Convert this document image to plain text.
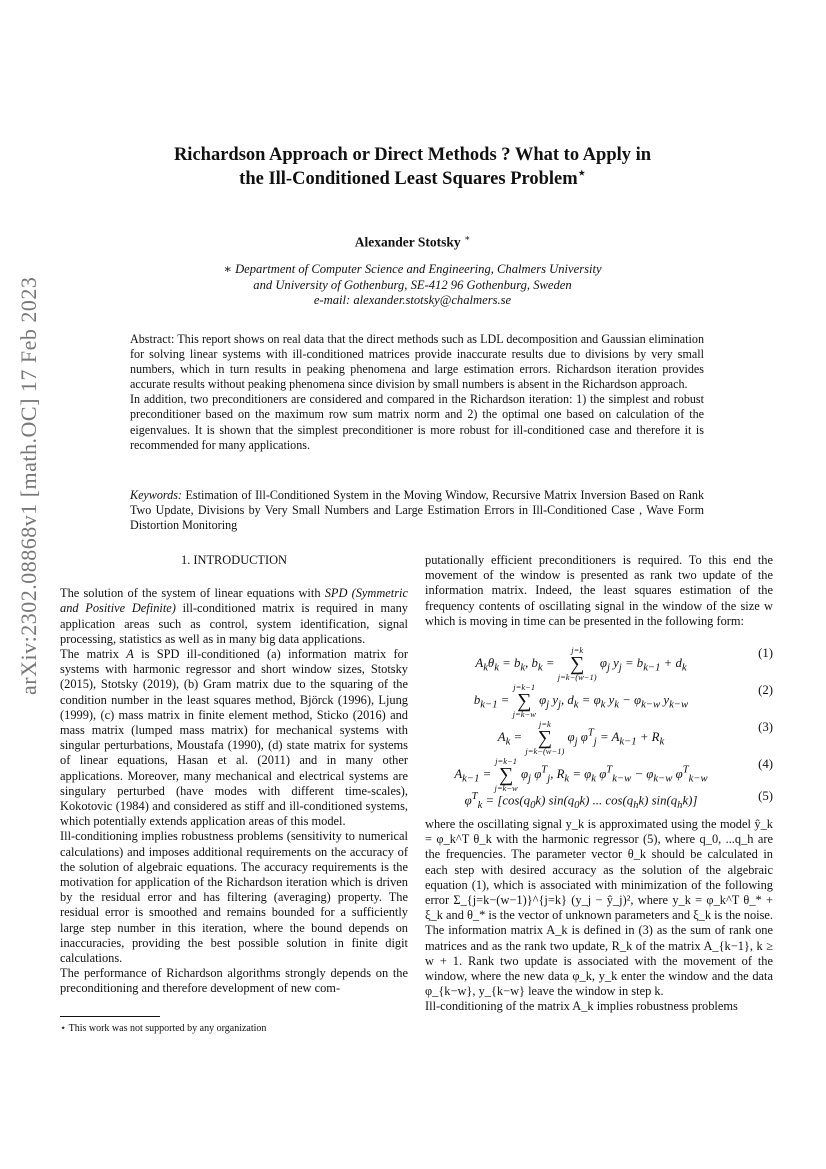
arXiv:2302.08868v1 [math.OC] 17 Feb 2023
Richardson Approach or Direct Methods ? What to Apply in the Ill-Conditioned Least Squares Problem⋆
Alexander Stotsky ∗
∗ Department of Computer Science and Engineering, Chalmers University
and University of Gothenburg, SE-412 96 Gothenburg, Sweden
e-mail: alexander.stotsky@chalmers.se

Abstract: This report shows on real data that the direct methods such as LDL decomposition and Gaussian elimination for solving linear systems with ill-conditioned matrices provide inaccurate results due to divisions by very small numbers, which in turn results in peaking phenomena and large estimation errors. Richardson iteration provides accurate results without peaking phenomena since division by small numbers is absent in the Richardson approach.

In addition, two preconditioners are considered and compared in the Richardson iteration: 1) the simplest and robust preconditioner based on the maximum row sum matrix norm and 2) the optimal one based on calculation of the eigenvalues. It is shown that the simplest preconditioner is more robust for ill-conditioned case and therefore it is recommended for many applications.

Keywords: Estimation of Ill-Conditioned System in the Moving Window, Recursive Matrix Inversion Based on Rank Two Update, Divisions by Very Small Numbers and Large Estimation Errors in Ill-Conditioned Case , Wave Form Distortion Monitoring

1. INTRODUCTION

The solution of the system of linear equations with SPD (Symmetric and Positive Definite) ill-conditioned matrix is required in many application areas such as control, system identification, signal processing, statistics as well as in many big data applications.

The matrix A is SPD ill-conditioned (a) information matrix for systems with harmonic regressor and short window sizes, Stotsky (2015), Stotsky (2019), (b) Gram matrix due to the squaring of the condition number in the least squares method, Björck (1996), Ljung (1999), (c) mass matrix in finite element method, Sticko (2016) and mass matrix (lumped mass matrix) for mechanical systems with singular perturbations, Moustafa (1990), (d) state matrix for systems of linear equations, Hasan et al. (2011) and in many other applications. Moreover, many mechanical and electrical systems are singulary perturbed (have modes with different time-scales), Kokotovic (1984) and considered as stiff and ill-conditioned systems, which potentially extends application areas of this model.

Ill-conditioning implies robustness problems (sensitivity to numerical calculations) and imposes additional requirements on the accuracy of the solution of algebraic equations. The accuracy requirements is the motivation for application of the Richardson iteration which is driven by the residual error and has filtering (averaging) property. The residual error is smoothed and remains bounded for a sufficiently large step number in this iteration, where the bound depends on inaccuracies, providing the best possible solution in finite digit calculations.

The performance of Richardson algorithms strongly depends on the preconditioning and therefore development of new com-

putationally efficient preconditioners is required. To this end the movement of the window is presented as rank two update of the information matrix. Indeed, the least squares estimation of the frequency contents of oscillating signal in the window of the size w which is moving in time can be presented in the following form:

$A_k\theta_k = b_k$, $b_k$ =
j=k
∑
j=k−(w−1)
$\varphi_j$ $y_j = b_{k-1} + d_k$
(1)
$b_{k-1}$ =
j=k−1
∑
j=k−w
$\varphi_j$ $y_j$, $d_k = \varphi_k$ $y_k - \varphi_{k-w}$ $y_{k-w}$
(2)
$A_k$ =
j=k
∑
j=k−(w−1)
$\varphi_j$ $\varphi^T_j = A_{k-1} + R_k$
(3)
$A_{k-1}$ =
j=k−1
∑
j=k−w
$\varphi_j$ $\varphi^T_j$, $R_k = \varphi_k$ $\varphi^T_{k-w} - \varphi_{k-w}$ $\varphi^T_{k-w}$
(4)
$\varphi^T_k = [\cos(q_0k)$ $\sin(q_0k)$ ... $\cos(q_hk)$ $\sin(q_hk)$]	(5)

where the oscillating signal y_k is approximated using the model ŷ_k = φ_k^T θ_k with the harmonic regressor (5), where q_0, ...q_h are the frequencies. The parameter vector θ_k should be calculated in each step with desired accuracy as the solution of the algebraic equation (1), which is associated with minimization of the following error Σ_{j=k−(w−1)}^{j=k} (y_j − ŷ_j)², where y_k = φ_k^T θ_* + ξ_k and θ_* is the vector of unknown parameters and ξ_k is the noise. The information matrix A_k is defined in (3) as the sum of rank one matrices and as the rank two update, R_k of the matrix A_{k−1}, k ≥ w + 1. Rank two update is associated with the movement of the window, where the new data φ_k, y_k enter the window and the data φ_{k−w}, y_{k−w} leave the window in step k.

Ill-conditioning of the matrix A_k implies robustness problems

⋆ This work was not supported by any organization
